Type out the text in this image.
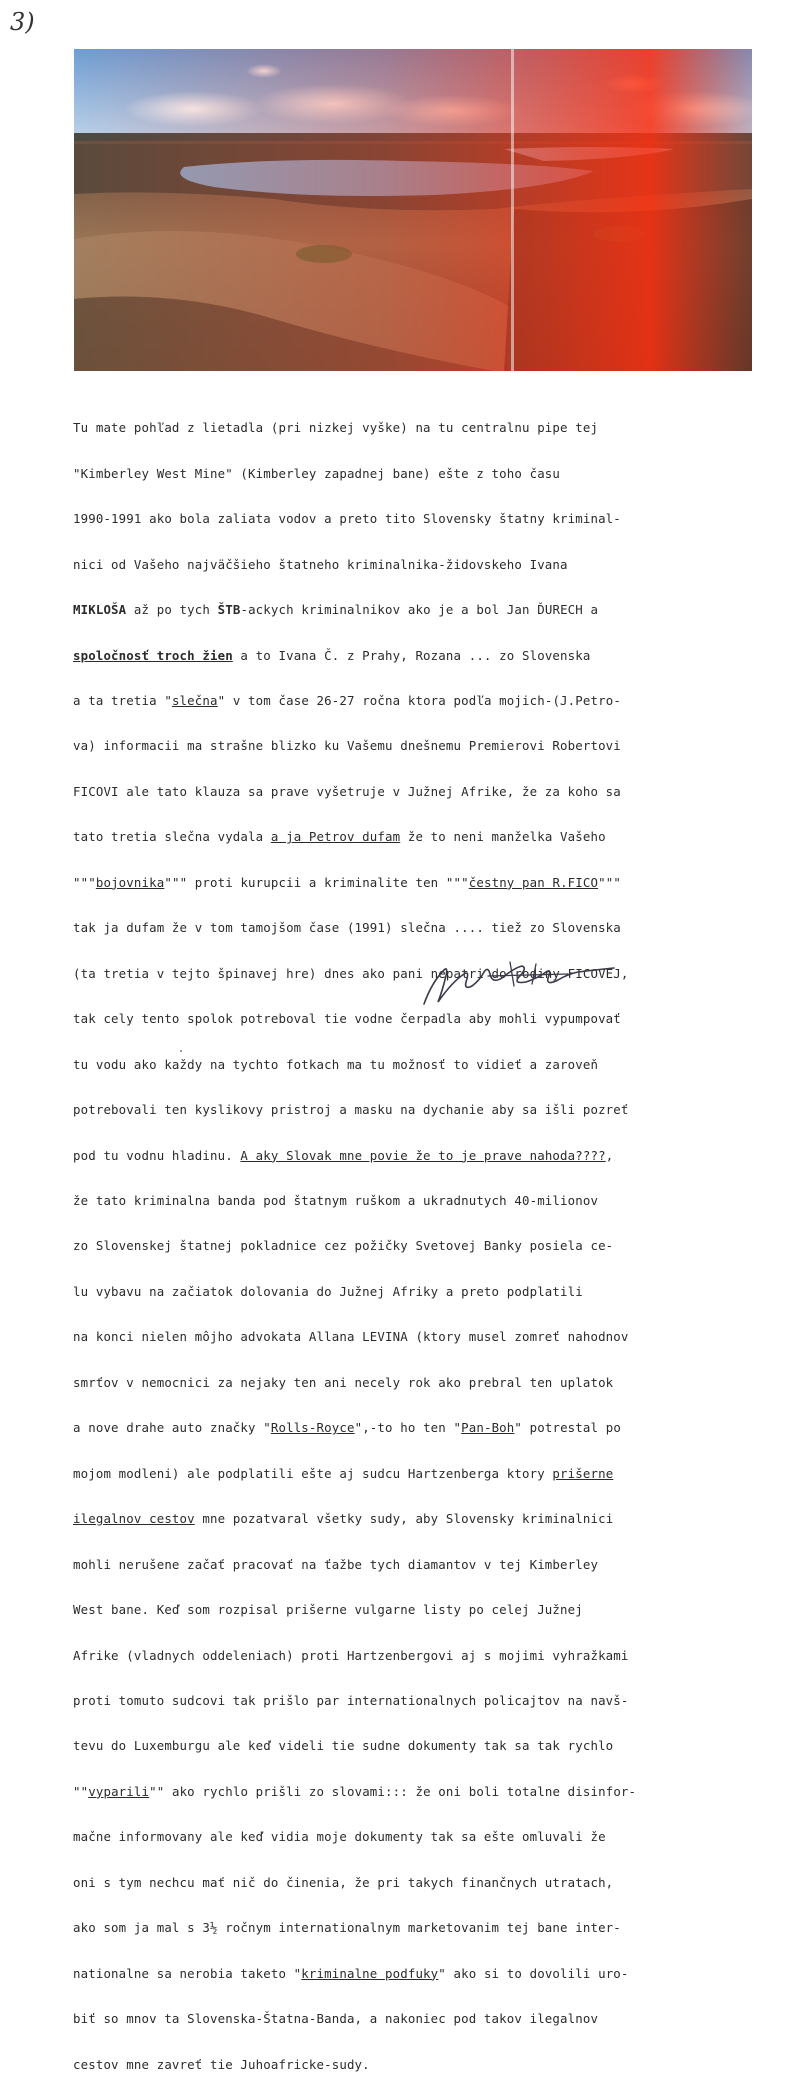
3)

Tu mate pohľad z lietadla (pri nizkej vyške) na tu centralnu pipe tej

"Kimberley West Mine" (Kimberley zapadnej bane) ešte z toho času

1990-1991 ako bola zaliata vodov a preto tito Slovensky štatny kriminal-

nici od Vašeho najväčšieho štatneho kriminalnika-židovskeho Ivana

MIKLOŠA až po tych ŠTB-ackych kriminalnikov ako je a bol Jan ĎURECH a

spoločnosť troch žien a to Ivana Č. z Prahy, Rozana ... zo Slovenska

a ta tretia "slečna" v tom čase 26-27 ročna ktora podľa mojich-(J.Petro-

va) informacii ma strašne blizko ku Vašemu dnešnemu Premierovi Robertovi

FICOVI ale tato klauza sa prave vyšetruje v Južnej Afrike, že za koho sa

tato tretia slečna vydala a ja Petrov dufam že to neni manželka Vašeho

"""bojovnika""" proti kurupcii a kriminalite ten """čestny pan R.FICO"""

tak ja dufam že v tom tamojšom čase (1991) slečna .... tiež zo Slovenska

(ta tretia v tejto špinavej hre) dnes ako pani nepatri do rodiny FICOVEJ,

tak cely tento spolok potreboval tie vodne čerpadla aby mohli vypumpovať

tu vodu ako každy na tychto fotkach ma tu možnosť to vidieť a zaroveň

potrebovali ten kyslikovy pristroj a masku na dychanie aby sa išli pozreť

pod tu vodnu hladinu. A aky Slovak mne povie že to je prave nahoda????,

že tato kriminalna banda pod štatnym ruškom a ukradnutych 40-milionov

zo Slovenskej štatnej pokladnice cez požičky Svetovej Banky posiela ce-

lu vybavu na začiatok dolovania do Južnej Afriky a preto podplatili

na konci nielen môjho advokata Allana LEVINA (ktory musel zomreť nahodnov

smrťov v nemocnici za nejaky ten ani necely rok ako prebral ten uplatok

a nove drahe auto značky "Rolls-Royce",-to ho ten "Pan-Boh" potrestal po

mojom modleni) ale podplatili ešte aj sudcu Hartzenberga ktory prišerne

ilegalnov cestov mne pozatvaral všetky sudy, aby Slovensky kriminalnici

mohli nerušene začať pracovať na ťažbe tych diamantov v tej Kimberley

West bane. Keď som rozpisal prišerne vulgarne listy po celej Južnej

Afrike (vladnych oddeleniach) proti Hartzenbergovi aj s mojimi vyhražkami

proti tomuto sudcovi tak prišlo par internationalnych policajtov na navš-

tevu do Luxemburgu ale keď videli tie sudne dokumenty tak sa tak rychlo

""vyparili"" ako rychlo prišli zo slovami::: že oni boli totalne disinfor-

mačne informovany ale keď vidia moje dokumenty tak sa ešte omluvali že

oni s tym nechcu mať nič do činenia, že pri takych finančnych utratach,

ako som ja mal s 3½ ročnym internationalnym marketovanim tej bane inter-

nationalne sa nerobia taketo "kriminalne podfuky" ako si to dovolili uro-

biť so mnov ta Slovenska-Štatna-Banda, a nakoniec pod takov ilegalnov

cestov mne zavreť tie Juhoafricke-sudy.
